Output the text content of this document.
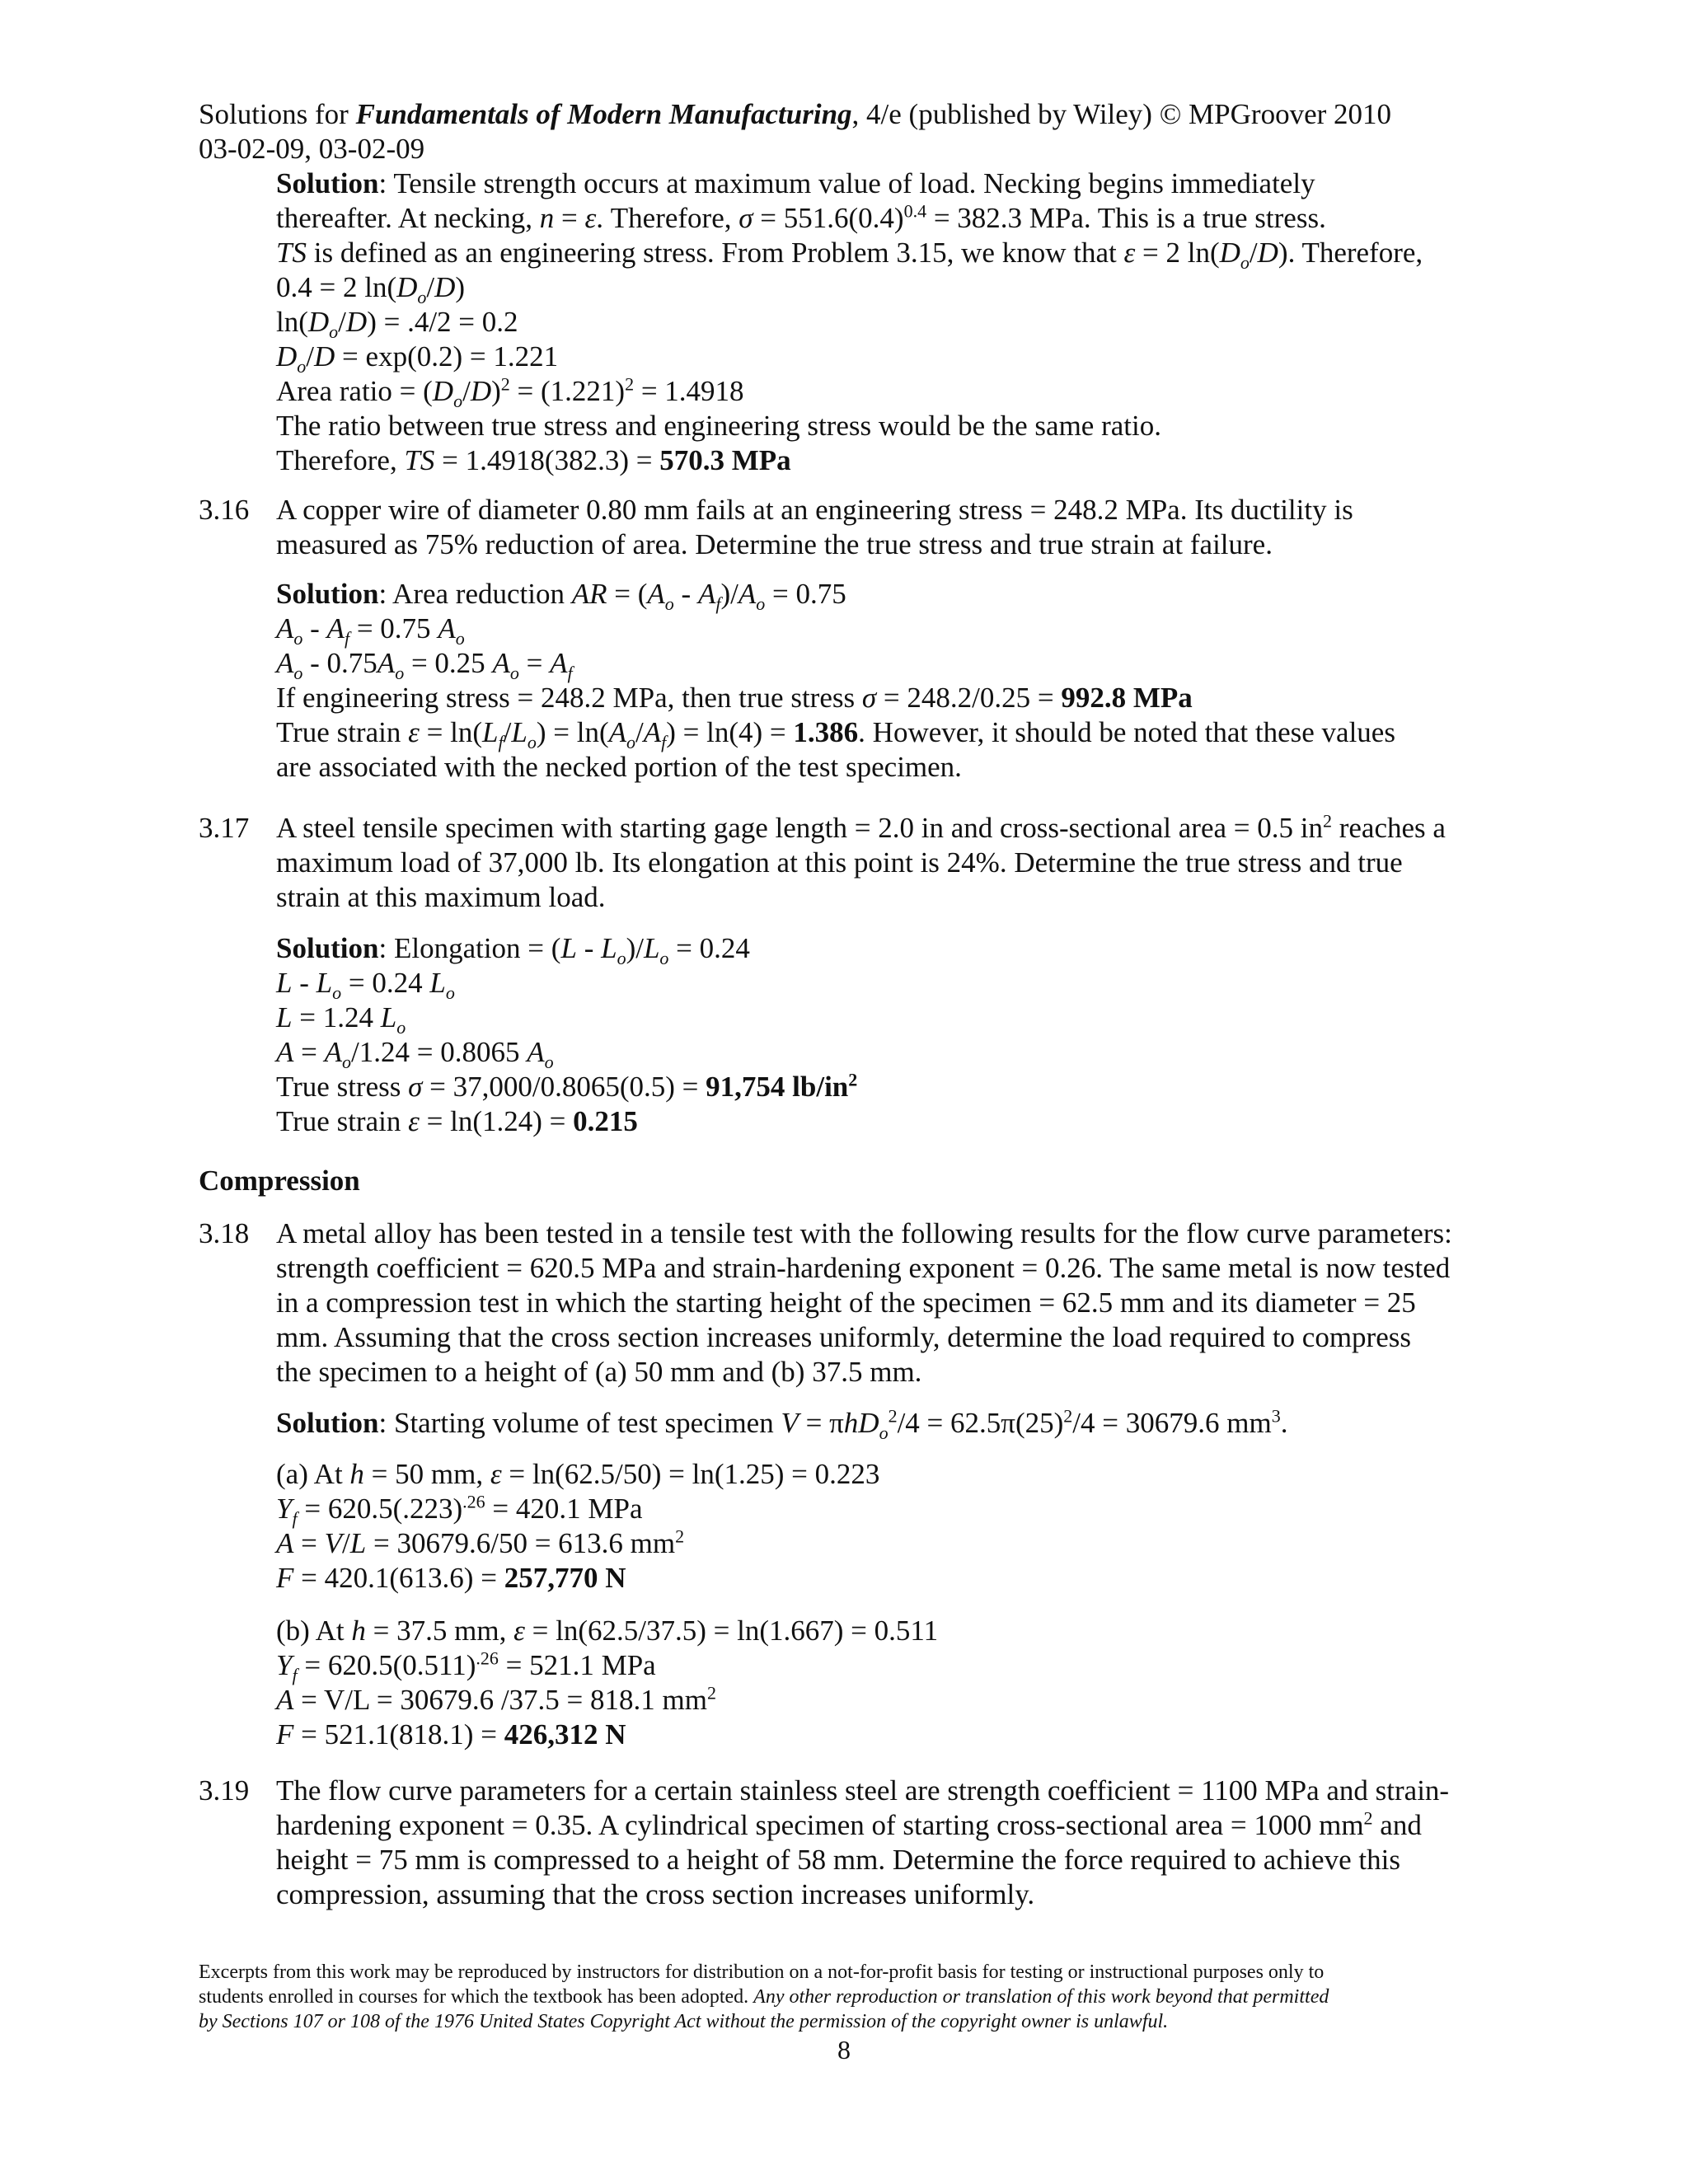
Solutions for Fundamentals of Modern Manufacturing, 4/e (published by Wiley) © MPGroover 2010
03-02-09, 03-02-09
Solution: Tensile strength occurs at maximum value of load. Necking begins immediately
thereafter. At necking, n = ε. Therefore, $\sigma = 551.6(0.4)^{0.4} = 382.3$ MPa. This is a true stress.
TS is defined as an engineering stress. From Problem 3.15, we know that ε = 2 $\ln(D_o/D)$. Therefore,
0.4 = 2 $\ln(D_o/D)$
$\ln(D_o/D) = .4/2 = 0.2$
$D_o/D = \exp(0.2) = 1.221$
Area ratio = $(D_o/D)^2 = (1.221)^2 = 1.4918$
The ratio between true stress and engineering stress would be the same ratio.
Therefore, TS = 1.4918(382.3) = 570.3 MPa
3.16 A copper wire of diameter 0.80 mm fails at an engineering stress = 248.2 MPa. Its ductility is
measured as 75% reduction of area. Determine the true stress and true strain at failure.
Solution: Area reduction AR = $(A_o - A_f)/A_o = 0.75$
$A_o - A_f = 0.75$ $A_o$
$A_o - 0.75A_o = 0.25$ $A_o = A_f$
If engineering stress = 248.2 MPa, then true stress σ = 248.2/0.25 = 992.8 MPa
True strain $\varepsilon = \ln(L_f/L_o) = \ln(A_o/A_f) = \ln(4) = 1.386$. However, it should be noted that these values
are associated with the necked portion of the test specimen.
3.17 A steel tensile specimen with starting gage length = 2.0 in and cross-sectional area = 0.5 $in^2$ reaches a
maximum load of 37,000 lb. Its elongation at this point is 24%. Determine the true stress and true
strain at this maximum load.
Solution: Elongation = $(L - L_o)/L_o = 0.24$
$L - L_o = 0.24$ $L_o$
L = 1.24 $L_o$
$A = A_o/1.24 = 0.8065$ $A_o$
True stress σ = 37,000/0.8065(0.5) = 91,754 $lb/in^2$
True strain ε = ln(1.24) = 0.215
Compression
3.18 A metal alloy has been tested in a tensile test with the following results for the flow curve parameters:
strength coefficient = 620.5 MPa and strain-hardening exponent = 0.26. The same metal is now tested
in a compression test in which the starting height of the specimen = 62.5 mm and its diameter = 25
mm. Assuming that the cross section increases uniformly, determine the load required to compress
the specimen to a height of (a) 50 mm and (b) 37.5 mm.
Solution: Starting volume of test specimen $V = \pi hD_o^2/4 = 62.5\pi(25)^2/4 = 30679.6$ $mm^3$.
(a) At h = 50 mm, ε = ln(62.5/50) = ln(1.25) = 0.223
$Y_f = 620.5(.223)^{.26} = 420.1$ MPa
A = V/L = 30679.6/50 = 613.6 $mm^2$
F = 420.1(613.6) = 257,770 N
(b) At h = 37.5 mm, ε = ln(62.5/37.5) = ln(1.667) = 0.511
$Y_f = 620.5(0.511)^{.26} = 521.1$ MPa
A = V/L = 30679.6 /37.5 = 818.1 $mm^2$
F = 521.1(818.1) = 426,312 N
3.19 The flow curve parameters for a certain stainless steel are strength coefficient = 1100 MPa and strain-
hardening exponent = 0.35. A cylindrical specimen of starting cross-sectional area = 1000 $mm^2$ and
height = 75 mm is compressed to a height of 58 mm. Determine the force required to achieve this
compression, assuming that the cross section increases uniformly.
Excerpts from this work may be reproduced by instructors for distribution on a not-for-profit basis for testing or instructional purposes only to
students enrolled in courses for which the textbook has been adopted. Any other reproduction or translation of this work beyond that permitted
by Sections 107 or 108 of the 1976 United States Copyright Act without the permission of the copyright owner is unlawful.
8
